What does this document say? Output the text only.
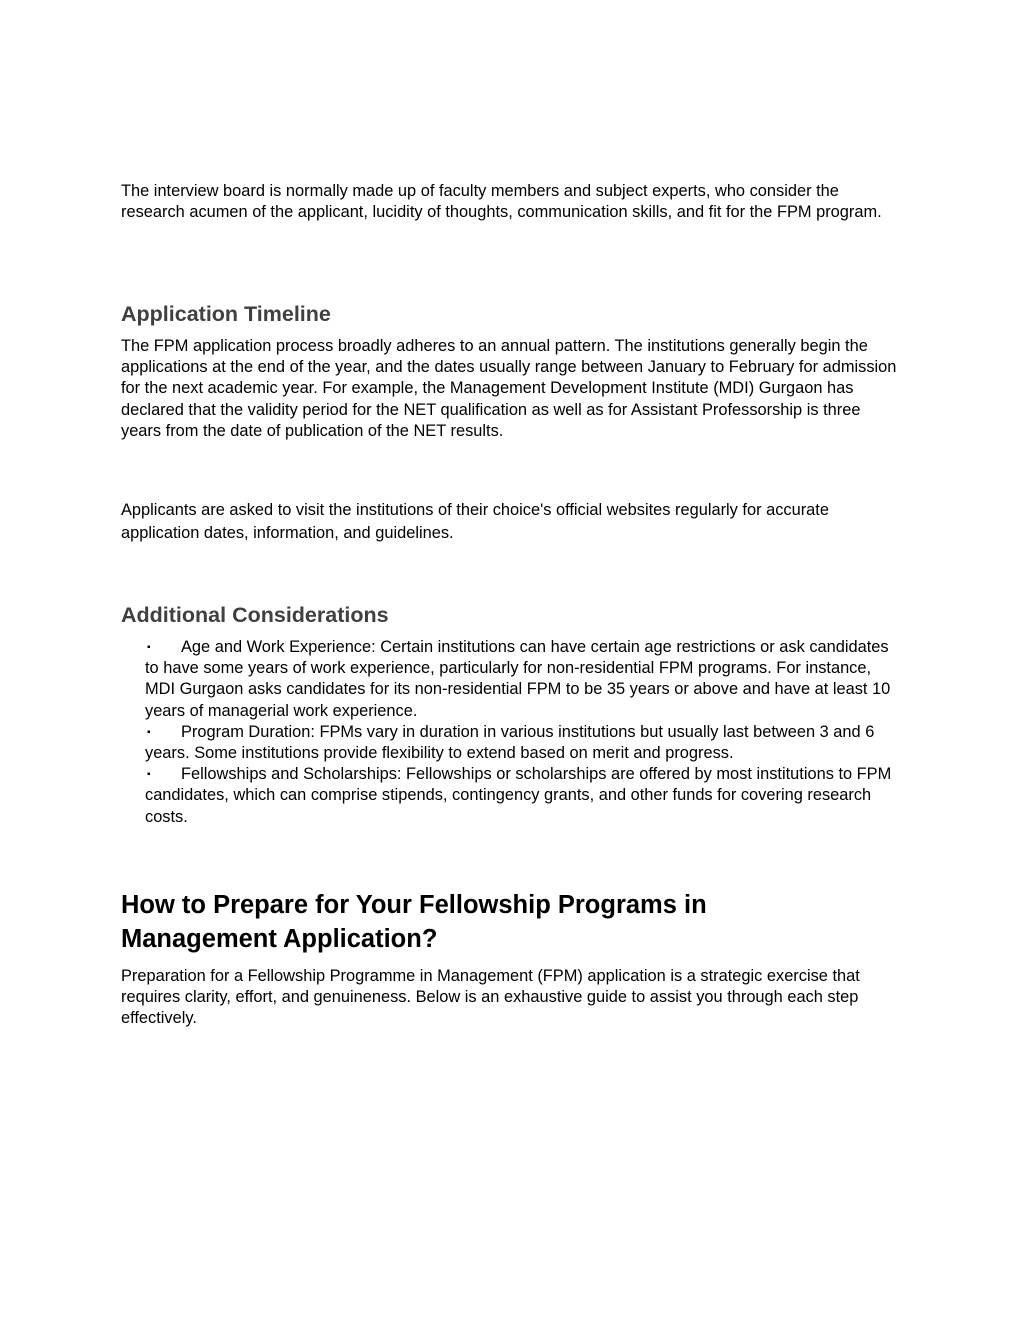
The interview board is normally made up of faculty members and subject experts, who consider the research acumen of the applicant, lucidity of thoughts, communication skills, and fit for the FPM program.

Application Timeline

The FPM application process broadly adheres to an annual pattern. The institutions generally begin the applications at the end of the year, and the dates usually range between January to February for admission for the next academic year. For example, the Management Development Institute (MDI) Gurgaon has declared that the validity period for the NET qualification as well as for Assistant Professorship is three years from the date of publication of the NET results.

Applicants are asked to visit the institutions of their choice's official websites regularly for accurate application dates, information, and guidelines.

Additional Considerations
▪ Age and Work Experience: Certain institutions can have certain age restrictions or ask candidates to have some years of work experience, particularly for non-residential FPM programs. For instance, MDI Gurgaon asks candidates for its non-residential FPM to be 35 years or above and have at least 10 years of managerial work experience.
▪ Program Duration: FPMs vary in duration in various institutions but usually last between 3 and 6 years. Some institutions provide flexibility to extend based on merit and progress.
▪ Fellowships and Scholarships: Fellowships or scholarships are offered by most institutions to FPM candidates, which can comprise stipends, contingency grants, and other funds for covering research costs.
How to Prepare for Your Fellowship Programs in Management Application?

Preparation for a Fellowship Programme in Management (FPM) application is a strategic exercise that requires clarity, effort, and genuineness. Below is an exhaustive guide to assist you through each step effectively.
